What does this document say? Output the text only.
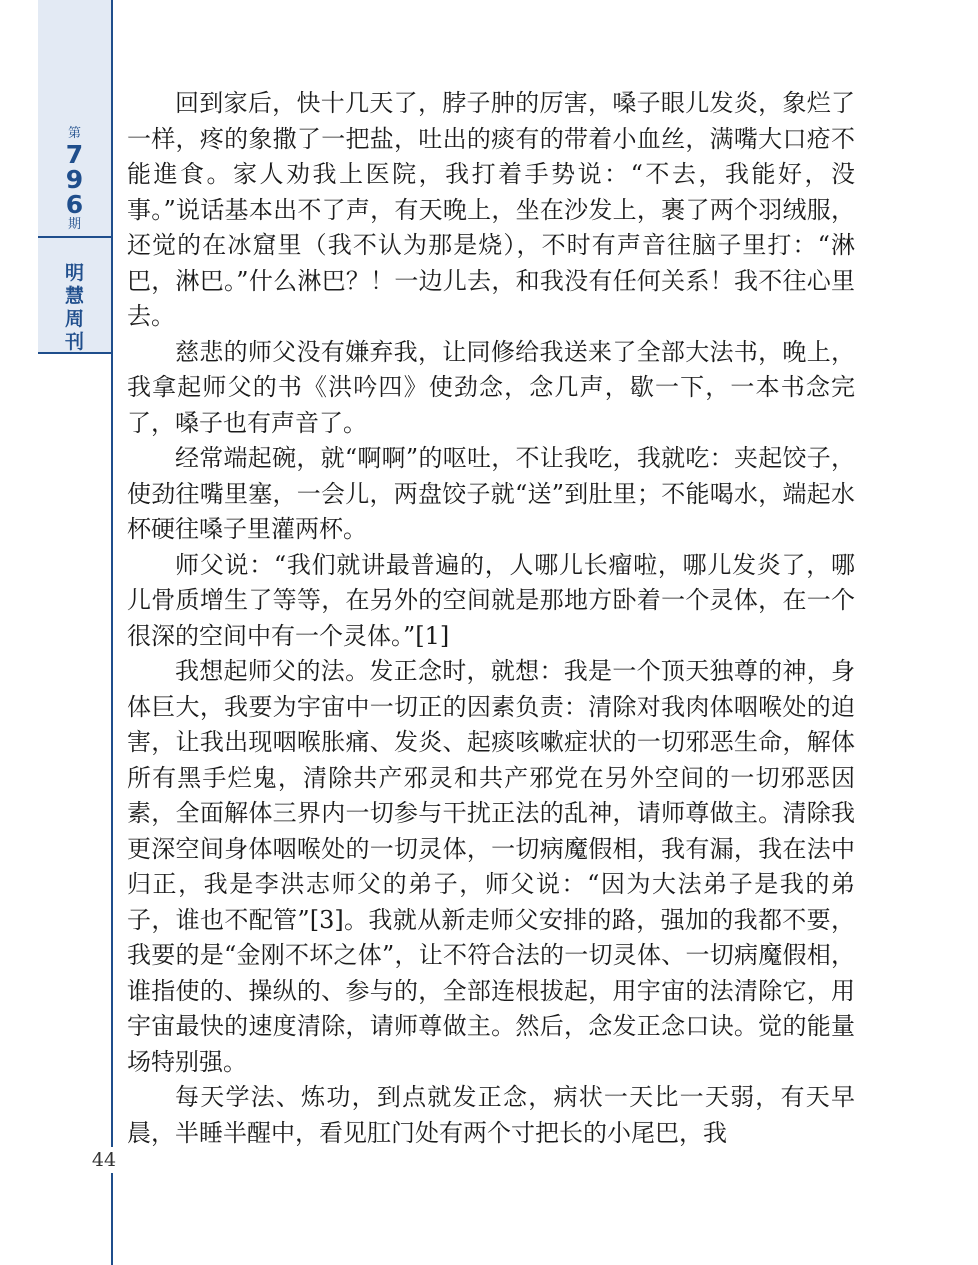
第
7
9
6
期
明
慧
周
刊
44

回到家后，快十几天了，脖子肿的厉害，嗓子眼儿发炎，象烂了一样，疼的象撒了一把盐，吐出的痰有的带着小血丝，满嘴大口疮不能進食。家人劝我上医院，我打着手势说：“不去，我能好，没事。”说话基本出不了声，有天晚上，坐在沙发上，裹了两个羽绒服，还觉的在冰窟里（我不认为那是烧），不时有声音往脑子里打：“淋巴，淋巴。”什么淋巴？！一边儿去，和我没有任何关系！我不往心里去。

慈悲的师父没有嫌弃我，让同修给我送来了全部大法书，晚上，我拿起师父的书《洪吟四》使劲念，念几声，歇一下，一本书念完了，嗓子也有声音了。

经常端起碗，就“啊啊”的呕吐，不让我吃，我就吃：夹起饺子，使劲往嘴里塞，一会儿，两盘饺子就“送”到肚里；不能喝水，端起水杯硬往嗓子里灌两杯。

师父说：“我们就讲最普遍的，人哪儿长瘤啦，哪儿发炎了，哪儿骨质增生了等等，在另外的空间就是那地方卧着一个灵体，在一个很深的空间中有一个灵体。”[1]

我想起师父的法。发正念时，就想：我是一个顶天独尊的神，身体巨大，我要为宇宙中一切正的因素负责：清除对我肉体咽喉处的迫害，让我出现咽喉胀痛、发炎、起痰咳嗽症状的一切邪恶生命，解体所有黑手烂鬼，清除共产邪灵和共产邪党在另外空间的一切邪恶因素，全面解体三界内一切参与干扰正法的乱神，请师尊做主。清除我更深空间身体咽喉处的一切灵体，一切病魔假相，我有漏，我在法中归正，我是李洪志师父的弟子，师父说：“因为大法弟子是我的弟子，谁也不配管”[3]。我就从新走师父安排的路，强加的我都不要，我要的是“金刚不坏之体”，让不符合法的一切灵体、一切病魔假相，谁指使的、操纵的、参与的，全部连根拔起，用宇宙的法清除它，用宇宙最快的速度清除，请师尊做主。然后，念发正念口诀。觉的能量场特别强。

每天学法、炼功，到点就发正念，病状一天比一天弱，有天早晨，半睡半醒中，看见肛门处有两个寸把长的小尾巴，我
